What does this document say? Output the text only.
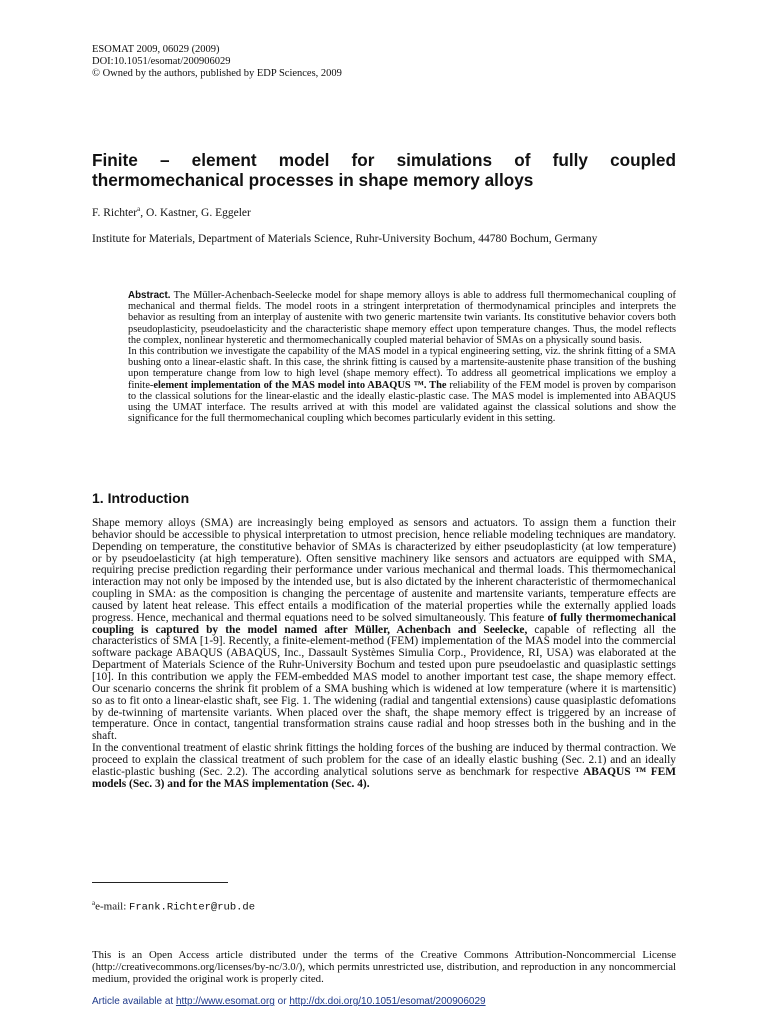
ESOMAT 2009, 06029 (2009)
DOI:10.1051/esomat/200906029
© Owned by the authors, published by EDP Sciences, 2009
Finite – element model for simulations of fully coupled
thermomechanical processes in shape memory alloys
F. Richter$^a$, O. Kastner, G. Eggeler
Institute for Materials, Department of Materials Science, Ruhr-University Bochum, 44780 Bochum, Germany

Abstract. The Müller-Achenbach-Seelecke model for shape memory alloys is able to address full thermomechanical coupling of mechanical and thermal fields. The model roots in a stringent interpretation of thermodynamical principles and interprets the behavior as resulting from an interplay of austenite with two generic martensite twin variants. Its constitutive behavior covers both pseudoplasticity, pseudoelasticity and the characteristic shape memory effect upon temperature changes. Thus, the model reflects the complex, nonlinear hysteretic and thermomechanically coupled material behavior of SMAs on a physically sound basis.

In this contribution we investigate the capability of the MAS model in a typical engineering setting, viz. the shrink fitting of a SMA bushing onto a linear-elastic shaft. In this case, the shrink fitting is caused by a martensite-austenite phase transition of the bushing upon temperature change from low to high level (shape memory effect). To address all geometrical implications we employ a finite-element implementation of the MAS model into ABAQUS ™. The reliability of the FEM model is proven by comparison to the classical solutions for the linear-elastic and the ideally elastic-plastic case. The MAS model is implemented into ABAQUS using the UMAT interface. The results arrived at with this model are validated against the classical solutions and show the significance for the full thermomechanical coupling which becomes particularly evident in this setting.

1. Introduction

Shape memory alloys (SMA) are increasingly being employed as sensors and actuators. To assign them a function their behavior should be accessible to physical interpretation to utmost precision, hence reliable modeling techniques are mandatory. Depending on temperature, the constitutive behavior of SMAs is characterized by either pseudoplasticity (at low temperature) or by pseudoelasticity (at high temperature). Often sensitive machinery like sensors and actuators are equipped with SMA, requiring precise prediction regarding their performance under various mechanical and thermal loads. This thermomechanical interaction may not only be imposed by the intended use, but is also dictated by the inherent characteristic of thermomechanical coupling in SMA: as the composition is changing the percentage of austenite and martensite variants, temperature effects are caused by latent heat release. This effect entails a modification of the material properties while the externally applied loads progress. Hence, mechanical and thermal equations need to be solved simultaneously. This feature of fully thermomechanical coupling is captured by the model named after Müller, Achenbach and Seelecke, capable of reflecting all the characteristics of SMA [1-9]. Recently, a finite-element-method (FEM) implementation of the MAS model into the commercial software package ABAQUS (ABAQUS, Inc., Dassault Systèmes Simulia Corp., Providence, RI, USA) was elaborated at the Department of Materials Science of the Ruhr-University Bochum and tested upon pure pseudoelastic and quasiplastic settings [10]. In this contribution we apply the FEM-embedded MAS model to another important test case, the shape memory effect. Our scenario concerns the shrink fit problem of a SMA bushing which is widened at low temperature (where it is martensitic) so as to fit onto a linear-elastic shaft, see Fig. 1. The widening (radial and tangential extensions) cause quasiplastic defomations by de-twinning of martensite variants. When placed over the shaft, the shape memory effect is triggered by an increase of temperature. Once in contact, tangential transformation strains cause radial and hoop stresses both in the bushing and in the shaft.

In the conventional treatment of elastic shrink fittings the holding forces of the bushing are induced by thermal contraction. We proceed to explain the classical treatment of such problem for the case of an ideally elastic bushing (Sec. 2.1) and an ideally elastic-plastic bushing (Sec. 2.2). The according analytical solutions serve as benchmark for respective ABAQUS ™ FEM models (Sec. 3) and for the MAS implementation (Sec. 4).

$^a$e-mail: Frank.Richter@rub.de
This is an Open Access article distributed under the terms of the Creative Commons Attribution-Noncommercial License (http://creativecommons.org/licenses/by-nc/3.0/), which permits unrestricted use, distribution, and reproduction in any noncommercial medium, provided the original work is properly cited.
Article available at http://www.esomat.org or http://dx.doi.org/10.1051/esomat/200906029
